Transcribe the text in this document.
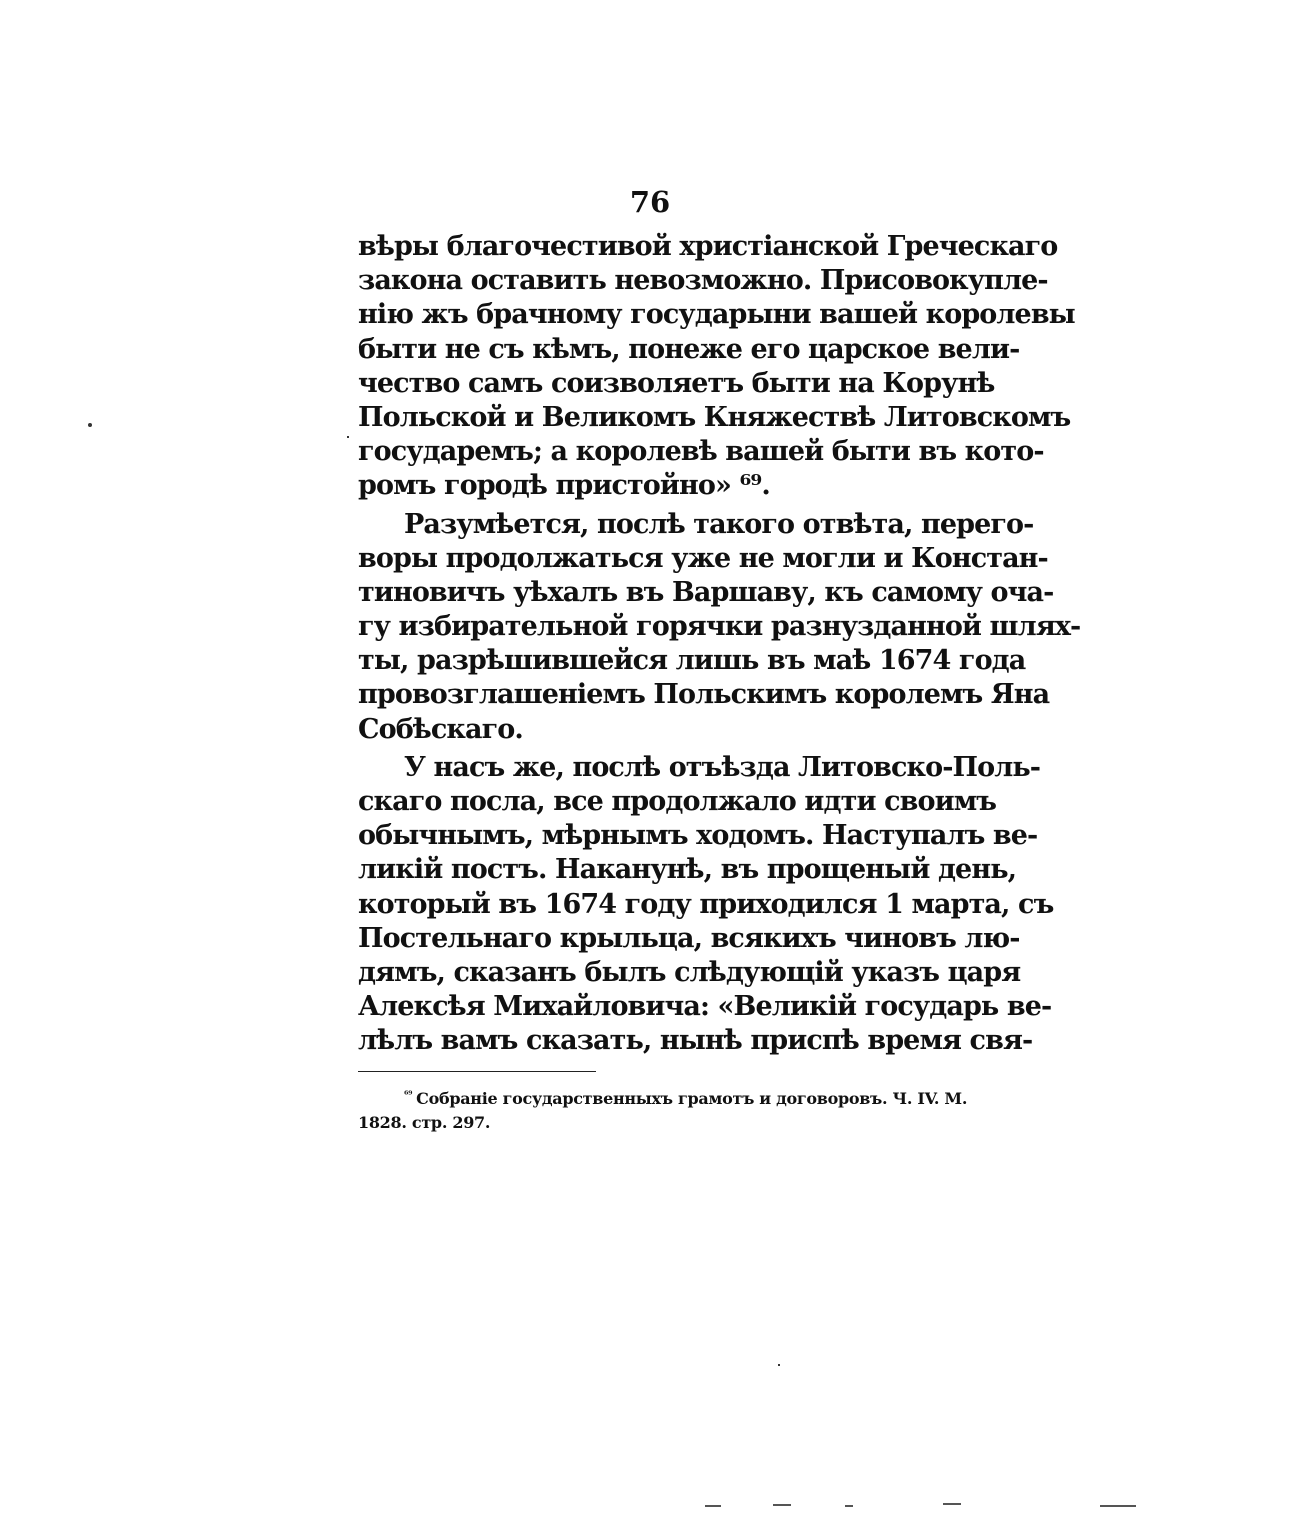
76
вѣры благочестивой христіанской Греческаго
закона оставить невозможно. Присовокупле-
нію жъ брачному государыни вашей королевы
быти не съ кѣмъ, понеже его царское вели-
чество самъ соизволяетъ быти на Корунѣ
Польской и Великомъ Княжествѣ Литовскомъ
государемъ; а королевѣ вашей быти въ кото-
ромъ городѣ пристойно» ⁶⁹.
Разумѣется, послѣ такого отвѣта, перего-
воры продолжаться уже не могли и Констан-
тиновичъ уѣхалъ въ Варшаву, къ самому оча-
гу избирательной горячки разнузданной шлях-
ты, разрѣшившейся лишь въ маѣ 1674 года
провозглашеніемъ Польскимъ королемъ Яна
Собѣскаго.
У насъ же, послѣ отъѣзда Литовско-Поль-
скаго посла, все продолжало идти своимъ
обычнымъ, мѣрнымъ ходомъ. Наступалъ ве-
ликій постъ. Наканунѣ, въ прощеный день,
который въ 1674 году приходился 1 марта, съ
Постельнаго крыльца, всякихъ чиновъ лю-
дямъ, сказанъ былъ слѣдующій указъ царя
Алексѣя Михайловича: «Великій государь ве-
лѣлъ вамъ сказать, нынѣ приспѣ время свя-
$^{^{69}}$ Собраніе государственныхъ грамотъ и договоровъ. Ч. IV. М.
1828. стр. 297.
